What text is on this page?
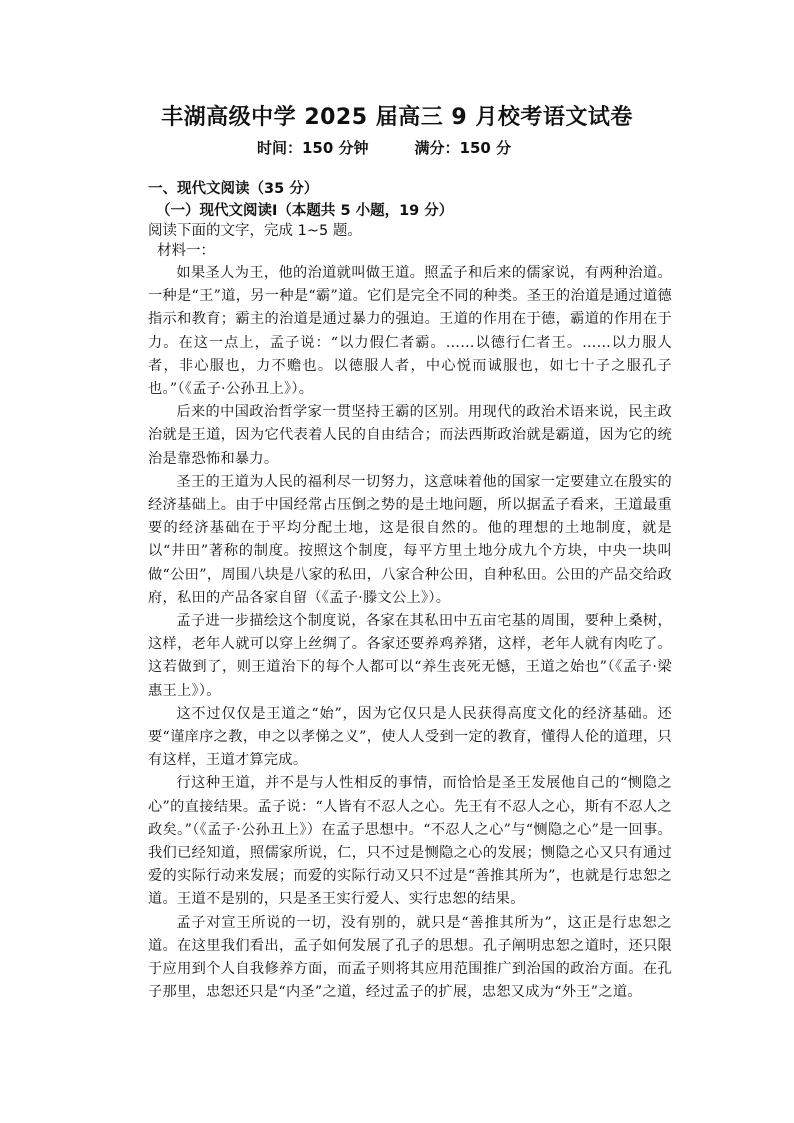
丰湖高级中学 2025 届高三 9 月校考语文试卷
时间：150 分钟	满分：150 分
一、现代文阅读（35 分）
（一）现代文阅读Ⅰ（本题共 5 小题，19 分）
阅读下面的文字，完成 1~5 题。
材料一：

如果圣人为王，他的治道就叫做王道。照孟子和后来的儒家说，有两种治道。一种是“王”道，另一种是“霸”道。它们是完全不同的种类。圣王的治道是通过道德指示和教育；霸主的治道是通过暴力的强迫。王道的作用在于德，霸道的作用在于力。在这一点上，孟子说：“以力假仁者霸。……以德行仁者王。……以力服人者，非心服也，力不赡也。以德服人者，中心悦而诚服也，如七十子之服孔子也。”（《孟子·公孙丑上》）。

后来的中国政治哲学家一贯坚持王霸的区别。用现代的政治术语来说，民主政治就是王道，因为它代表着人民的自由结合；而法西斯政治就是霸道，因为它的统治是靠恐怖和暴力。

圣王的王道为人民的福利尽一切努力，这意味着他的国家一定要建立在殷实的经济基础上。由于中国经常占压倒之势的是土地问题，所以据孟子看来，王道最重要的经济基础在于平均分配土地，这是很自然的。他的理想的土地制度，就是以“井田”著称的制度。按照这个制度，每平方里土地分成九个方块，中央一块叫做“公田”，周围八块是八家的私田，八家合种公田，自种私田。公田的产品交给政府，私田的产品各家自留（《孟子·滕文公上》）。

孟子进一步描绘这个制度说，各家在其私田中五亩宅基的周围，要种上桑树，这样，老年人就可以穿上丝绸了。各家还要养鸡养猪，这样，老年人就有肉吃了。这若做到了，则王道治下的每个人都可以“养生丧死无憾，王道之始也”（《孟子·梁惠王上》）。

这不过仅仅是王道之“始”，因为它仅只是人民获得高度文化的经济基础。还要“谨庠序之教，申之以孝悌之义”，使人人受到一定的教育，懂得人伦的道理，只有这样，王道才算完成。

行这种王道，并不是与人性相反的事情，而恰恰是圣王发展他自己的“恻隐之心”的直接结果。孟子说：“人皆有不忍人之心。先王有不忍人之心，斯有不忍人之政矣。”（《孟子·公孙丑上》）在孟子思想中。“不忍人之心”与“恻隐之心”是一回事。我们已经知道，照儒家所说，仁，只不过是恻隐之心的发展；恻隐之心又只有通过爱的实际行动来发展；而爱的实际行动又只不过是“善推其所为”，也就是行忠恕之道。王道不是别的，只是圣王实行爱人、实行忠恕的结果。

孟子对宣王所说的一切，没有别的，就只是“善推其所为”，这正是行忠恕之道。在这里我们看出，孟子如何发展了孔子的思想。孔子阐明忠恕之道时，还只限于应用到个人自我修养方面，而孟子则将其应用范围推广到治国的政治方面。在孔子那里，忠恕还只是“内圣”之道，经过孟子的扩展，忠恕又成为“外王”之道。
